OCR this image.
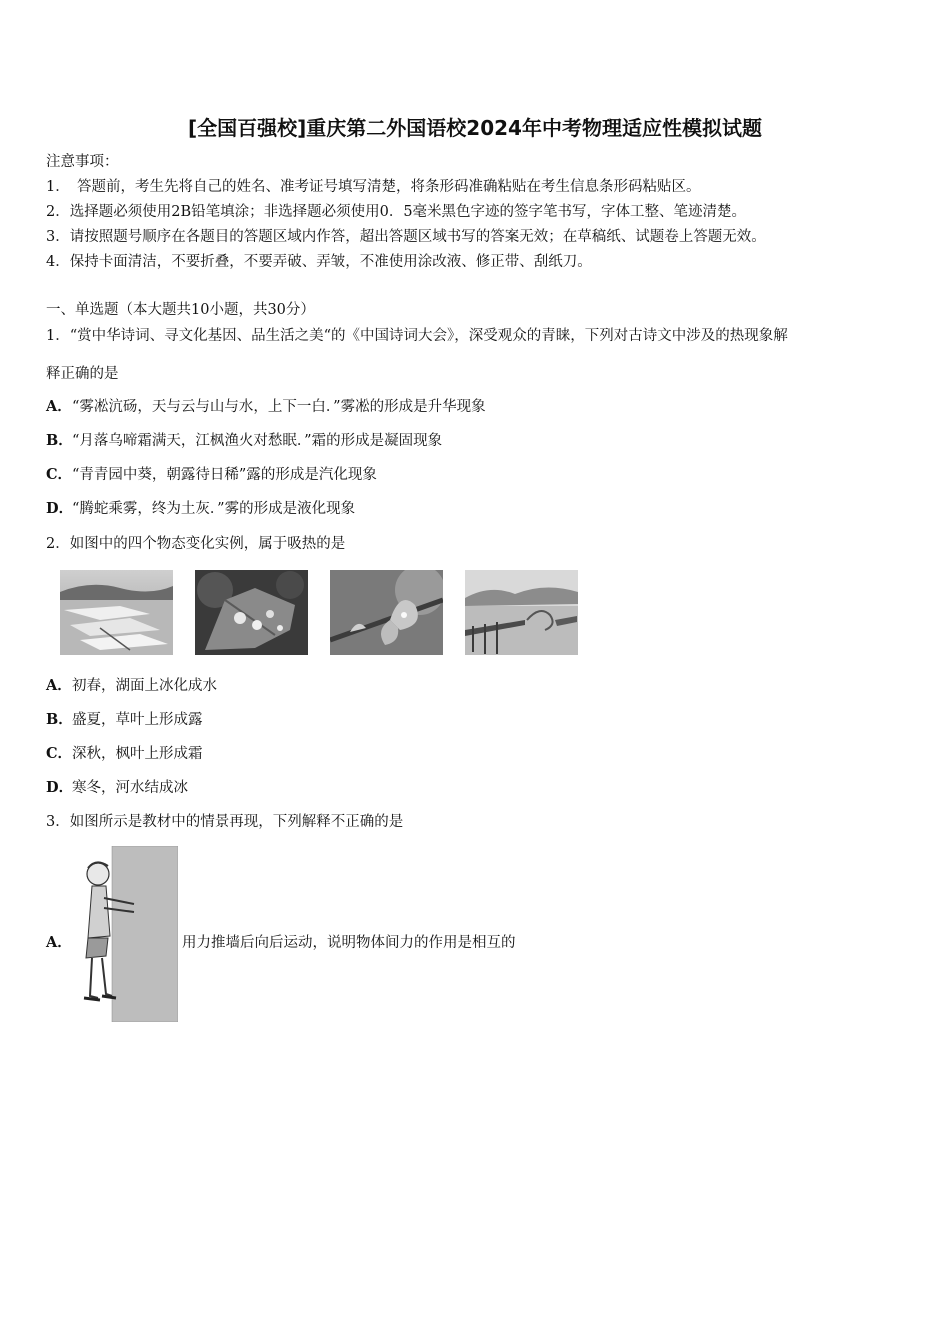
[全国百强校]重庆第二外国语校2024年中考物理适应性模拟试题
注意事项：
1．　答题前，考生先将自己的姓名、准考证号填写清楚，将条形码准确粘贴在考生信息条形码粘贴区。
2．选择题必须使用2B铅笔填涂；非选择题必须使用0．5毫米黑色字迹的签字笔书写，字体工整、笔迹清楚。
3．请按照题号顺序在各题目的答题区域内作答，超出答题区域书写的答案无效；在草稿纸、试题卷上答题无效。
4．保持卡面清洁，不要折叠，不要弄破、弄皱，不准使用涂改液、修正带、刮纸刀。
一、单选题（本大题共10小题，共30分）
1．“赏中华诗词、寻文化基因、品生活之美“的《中国诗词大会》，深受观众的青睐，下列对古诗文中涉及的热现象解
释正确的是
A．“雾凇沆砀，天与云与山与水，上下一白．”雾凇的形成是升华现象
B．“月落乌啼霜满天，江枫渔火对愁眠．”霜的形成是凝固现象
C．“青青园中葵，朝露待日稀”露的形成是汽化现象
D．“腾蛇乘雾，终为土灰．”雾的形成是液化现象
2．如图中的四个物态变化实例，属于吸热的是
A．初春，湖面上冰化成水
B．盛夏，草叶上形成露
C．深秋，枫叶上形成霜
D．寒冬，河水结成冰
3．如图所示是教材中的情景再现，下列解释不正确的是
A．	用力推墙后向后运动，说明物体间力的作用是相互的
